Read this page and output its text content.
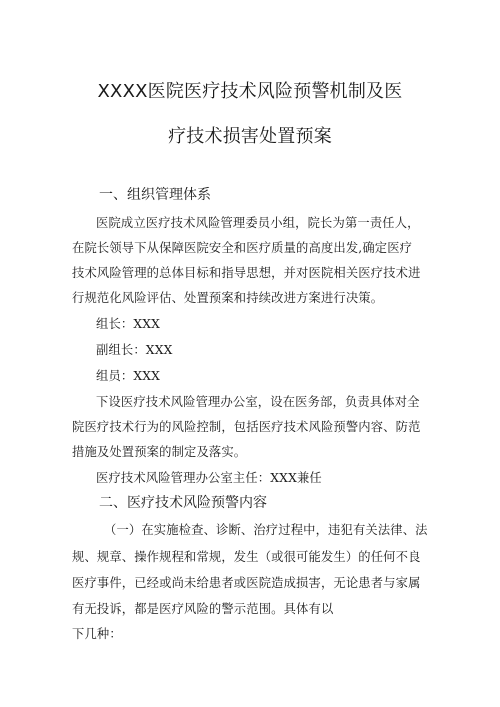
XXXX医院医疗技术风险预警机制及医
疗技术损害处置预案
一、组织管理体系
医院成立医疗技术风险管理委员小组，院长为第一责任人，
在院长领导下从保障医院安全和医疗质量的高度出发,确定医疗
技术风险管理的总体目标和指导思想，并对医院相关医疗技术进
行规范化风险评估、处置预案和持续改进方案进行决策。
组长：XXX
副组长：XXX
组员：XXX
下设医疗技术风险管理办公室，设在医务部，负责具体对全
院医疗技术行为的风险控制，包括医疗技术风险预警内容、防范
措施及处置预案的制定及落实。
医疗技术风险管理办公室主任：XXX兼任
二、医疗技术风险预警内容
（一）在实施检查、诊断、治疗过程中，违犯有关法律、法
规、规章、操作规程和常规，发生（或很可能发生）的任何不良
医疗事件，已经或尚未给患者或医院造成损害，无论患者与家属
有无投诉，都是医疗风险的警示范围。具体有以
下几种：
